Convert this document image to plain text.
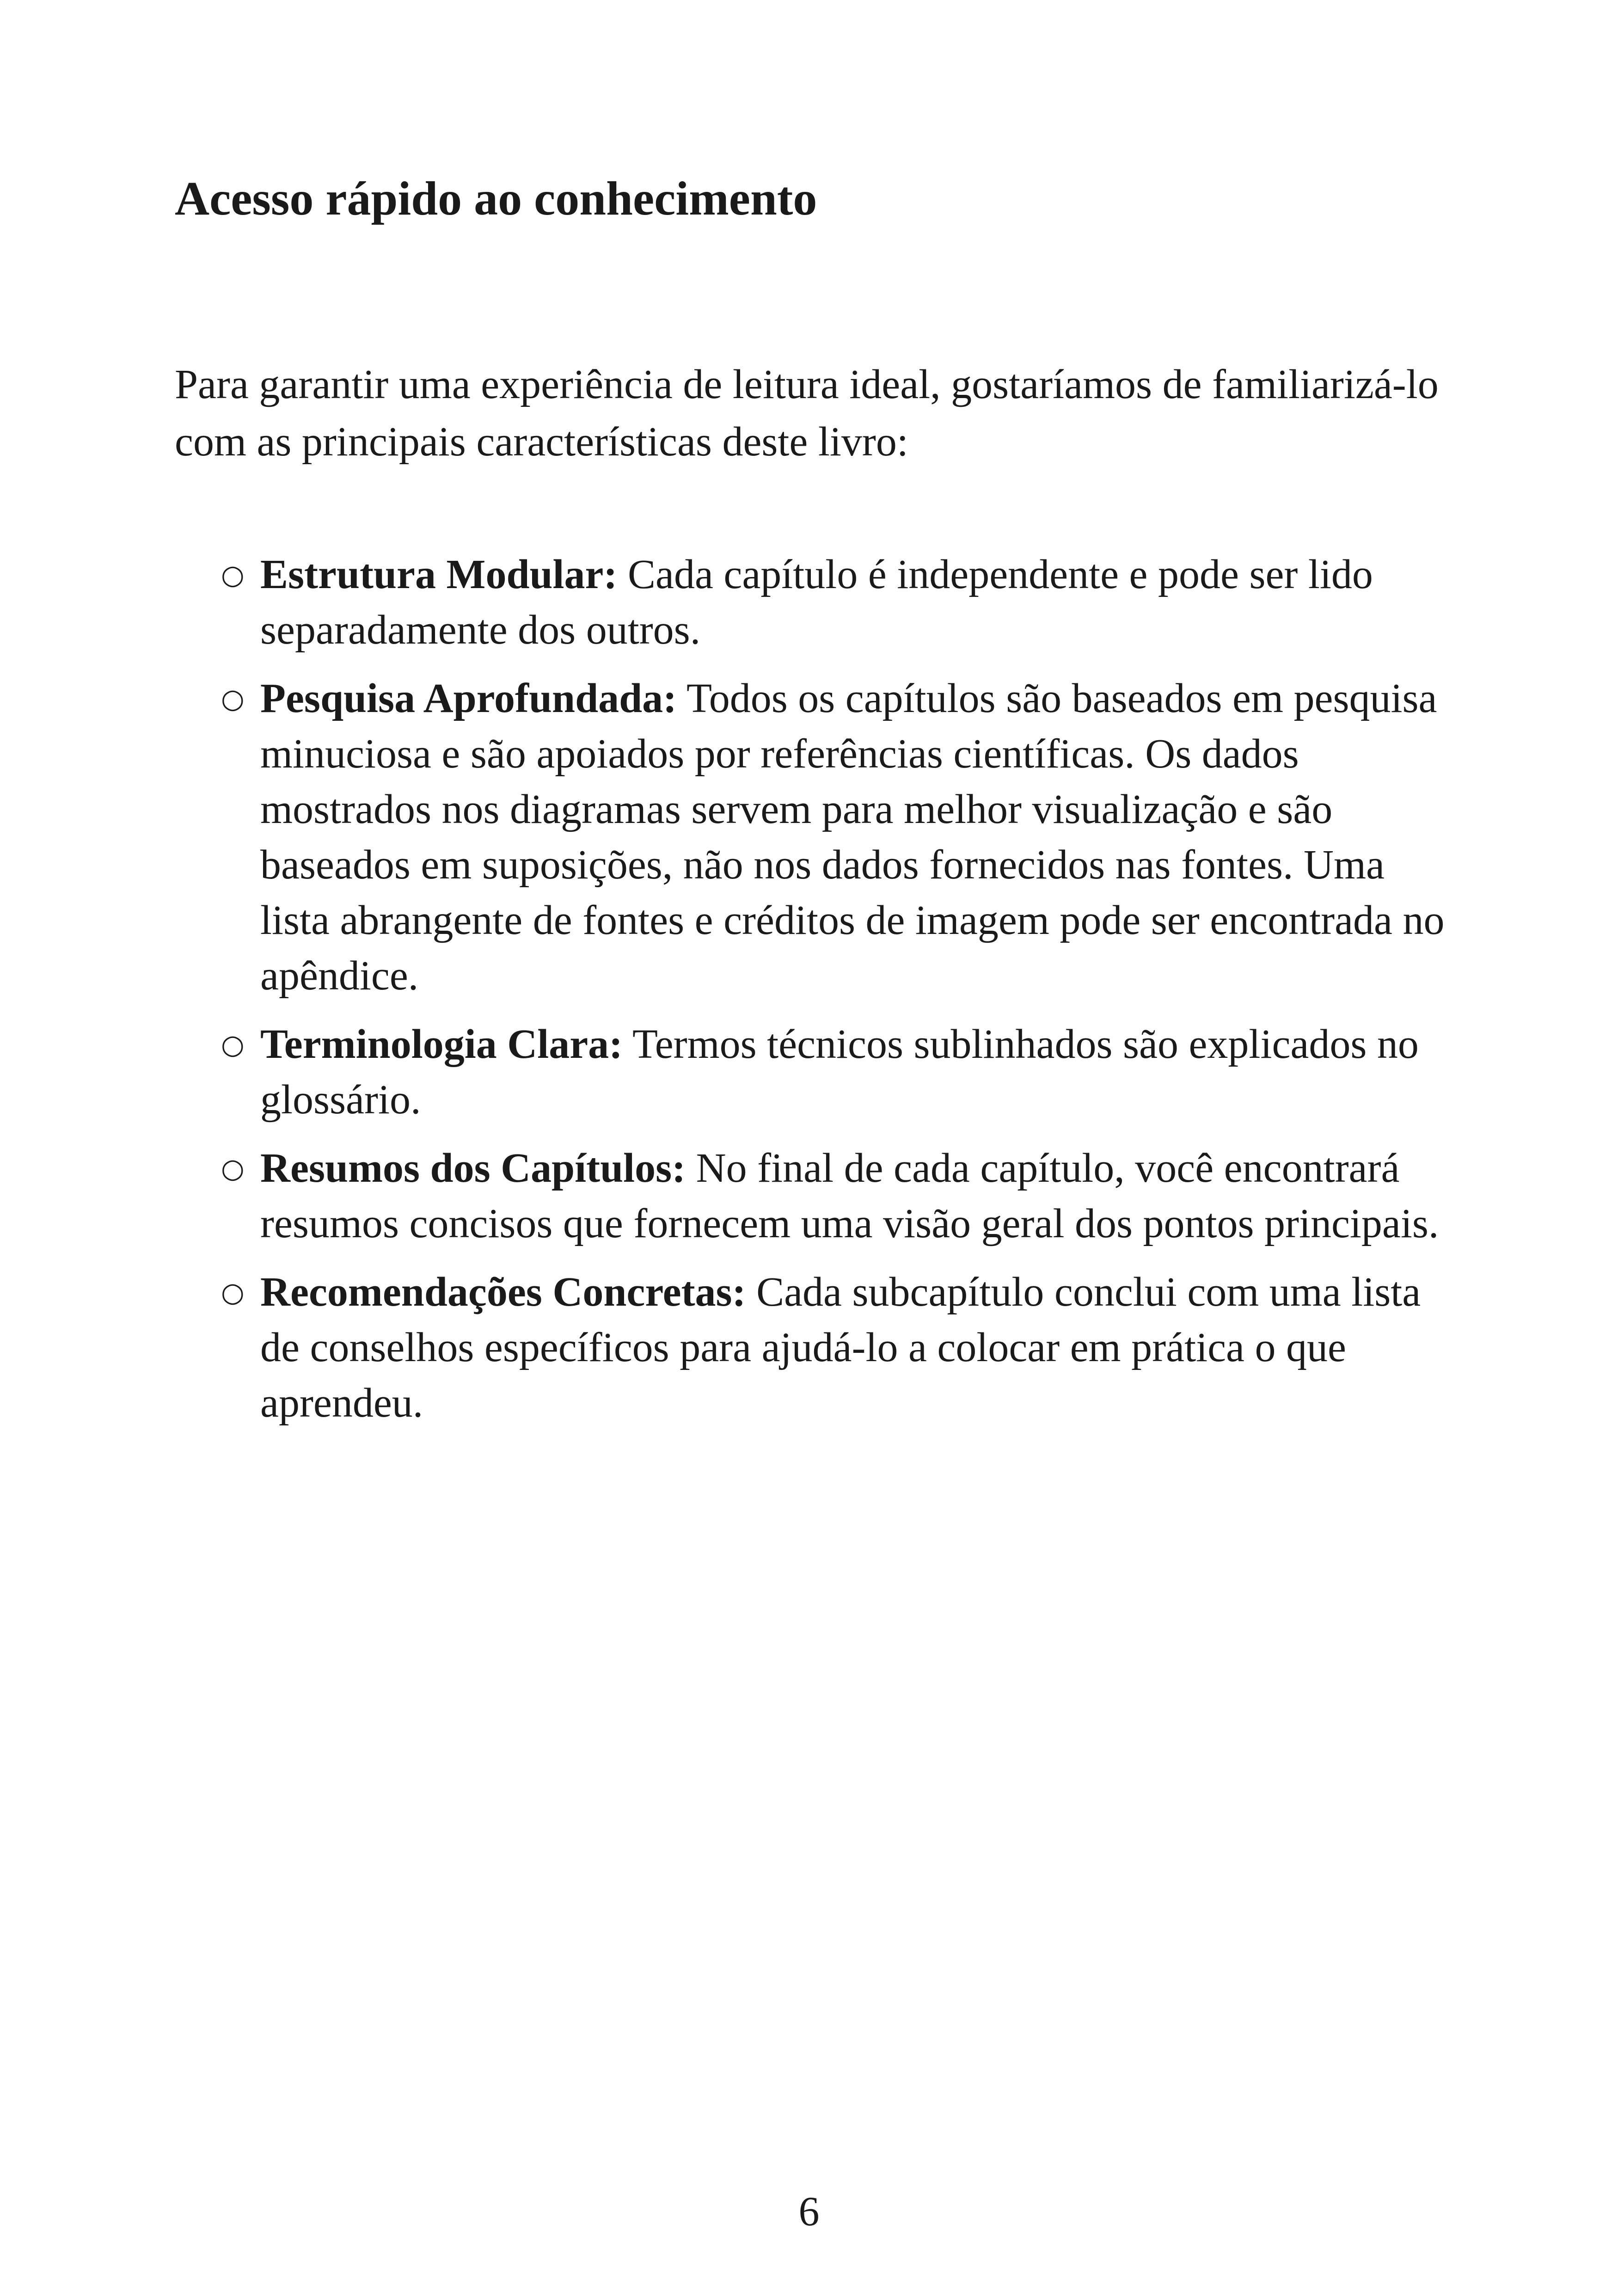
Acesso rápido ao conhecimento

Para garantir uma experiência de leitura ideal, gostaríamos de familiarizá-lo com as principais características deste livro:

○ Estrutura Modular: Cada capítulo é independente e pode ser lido separadamente dos outros.
○ Pesquisa Aprofundada: Todos os capítulos são baseados em pesquisa minuciosa e são apoiados por referências científicas. Os dados mostrados nos diagramas servem para melhor visualização e são baseados em suposições, não nos dados fornecidos nas fontes. Uma lista abrangente de fontes e créditos de imagem pode ser encontrada no apêndice.
○ Terminologia Clara: Termos técnicos sublinhados são explicados no glossário.
○ Resumos dos Capítulos: No final de cada capítulo, você encontrará resumos concisos que fornecem uma visão geral dos pontos principais.
○ Recomendações Concretas: Cada subcapítulo conclui com uma lista de conselhos específicos para ajudá-lo a colocar em prática o que aprendeu.
6
